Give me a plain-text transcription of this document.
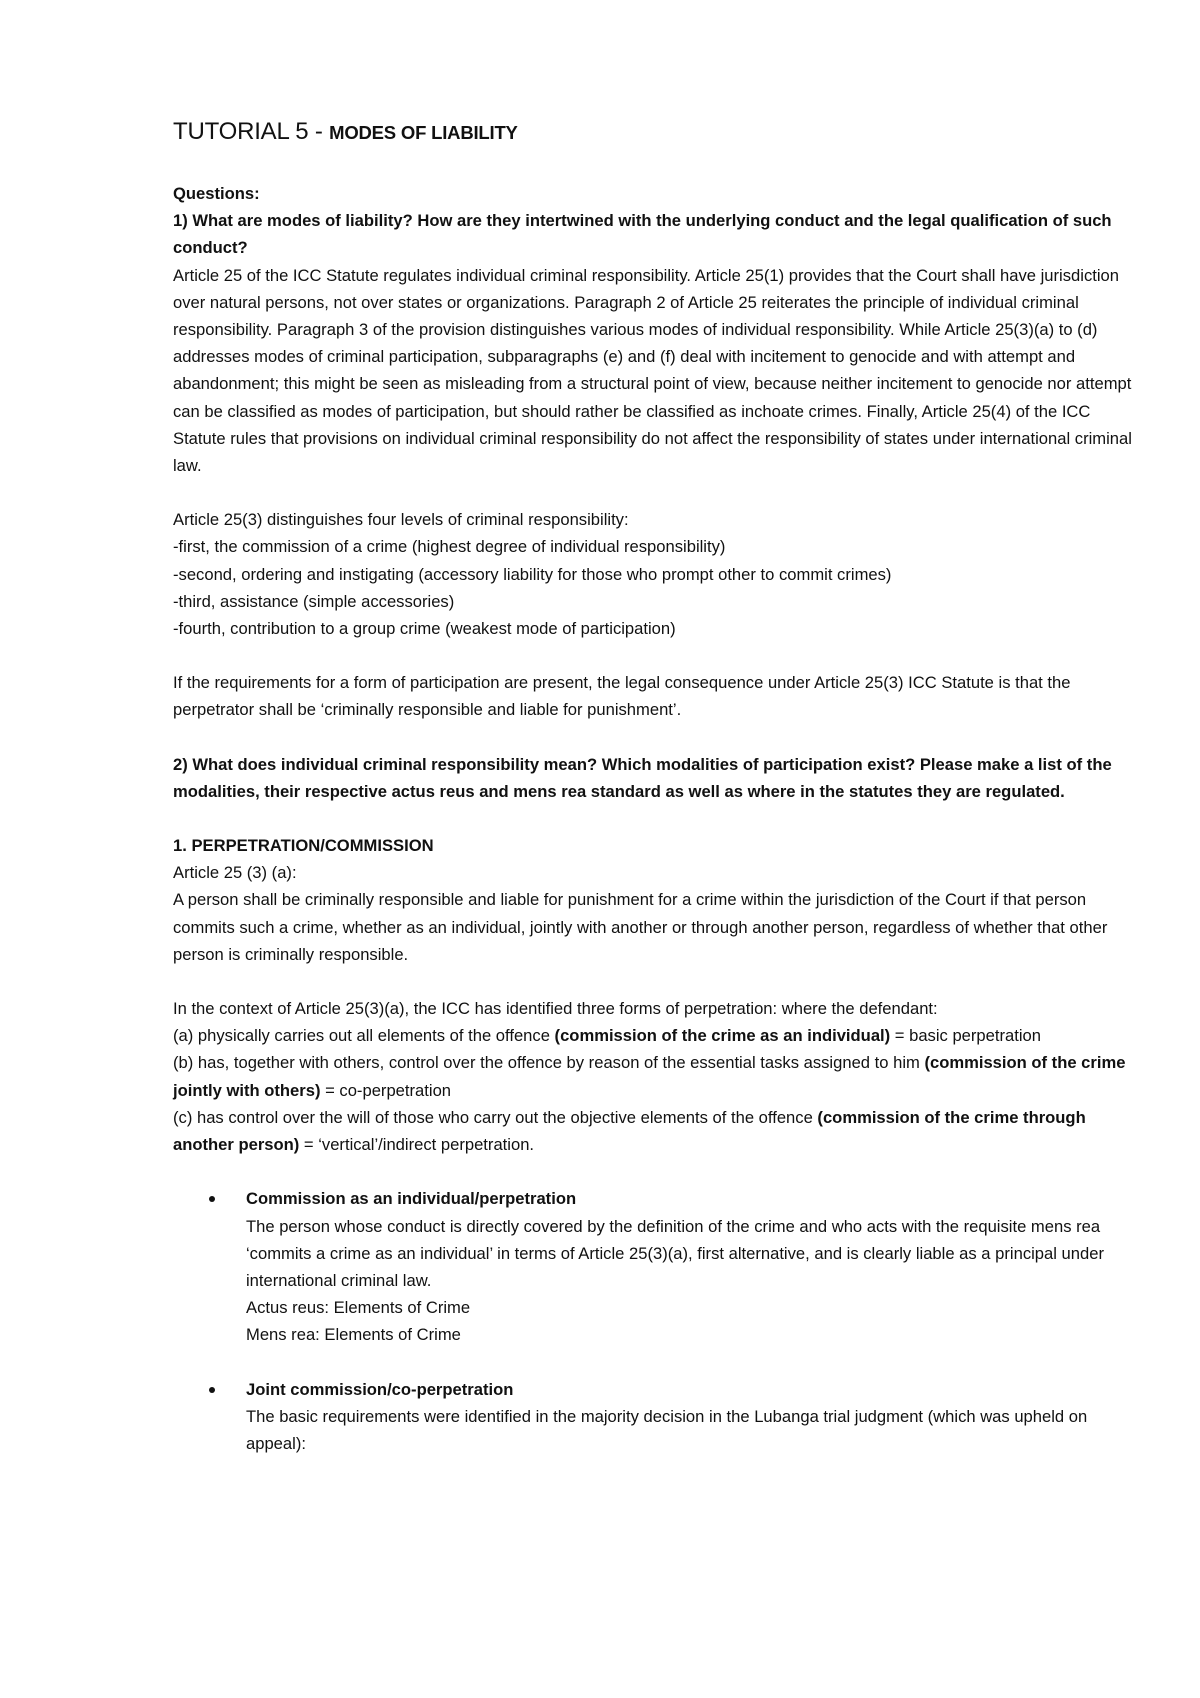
TUTORIAL 5 - MODES OF LIABILITY

Questions:

1) What are modes of liability? How are they intertwined with the underlying conduct and the legal qualification of such conduct?

Article 25 of the ICC Statute regulates individual criminal responsibility. Article 25(1) provides that the Court shall have jurisdiction over natural persons, not over states or organizations. Paragraph 2 of Article 25 reiterates the principle of individual criminal responsibility. Paragraph 3 of the provision distinguishes various modes of individual responsibility. While Article 25(3)(a) to (d) addresses modes of criminal participation, subparagraphs (e) and (f) deal with incitement to genocide and with attempt and abandonment; this might be seen as misleading from a structural point of view, because neither incitement to genocide nor attempt can be classified as modes of participation, but should rather be classified as inchoate crimes. Finally, Article 25(4) of the ICC Statute rules that provisions on individual criminal responsibility do not affect the responsibility of states under international criminal law.

Article 25(3) distinguishes four levels of criminal responsibility:

-first, the commission of a crime (highest degree of individual responsibility)

-second, ordering and instigating (accessory liability for those who prompt other to commit crimes)

-third, assistance (simple accessories)

-fourth, contribution to a group crime (weakest mode of participation)

If the requirements for a form of participation are present, the legal consequence under Article 25(3) ICC Statute is that the perpetrator shall be ‘criminally responsible and liable for punishment’.

2) What does individual criminal responsibility mean? Which modalities of participation exist? Please make a list of the modalities, their respective actus reus and mens rea standard as well as where in the statutes they are regulated.

1. PERPETRATION/COMMISSION

Article 25 (3) (a):

A person shall be criminally responsible and liable for punishment for a crime within the jurisdiction of the Court if that person commits such a crime, whether as an individual, jointly with another or through another person, regardless of whether that other person is criminally responsible.

In the context of Article 25(3)(a), the ICC has identified three forms of perpetration: where the defendant:

(a) physically carries out all elements of the offence (commission of the crime as an individual) = basic perpetration

(b) has, together with others, control over the offence by reason of the essential tasks assigned to him (commission of the crime jointly with others) = co-perpetration

(c) has control over the will of those who carry out the objective elements of the offence (commission of the crime through another person) = ‘vertical’/indirect perpetration.

Commission as an individual/perpetration

The person whose conduct is directly covered by the definition of the crime and who acts with the requisite mens rea ‘commits a crime as an individual’ in terms of Article 25(3)(a), first alternative, and is clearly liable as a principal under international criminal law.

Actus reus: Elements of Crime

Mens rea: Elements of Crime

Joint commission/co-perpetration

The basic requirements were identified in the majority decision in the Lubanga trial judgment (which was upheld on appeal):
